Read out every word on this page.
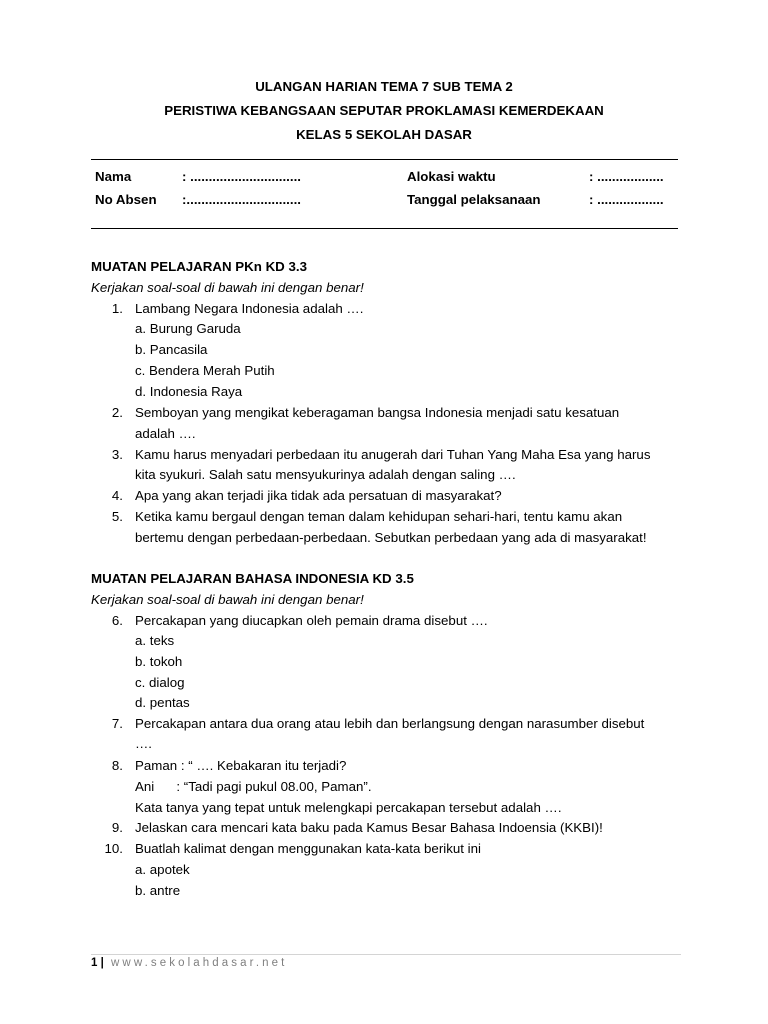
ULANGAN HARIAN TEMA 7 SUB TEMA 2
PERISTIWA KEBANGSAAN SEPUTAR PROKLAMASI KEMERDEKAAN
KELAS 5 SEKOLAH DASAR
Nama	: ..............................	Alokasi waktu	: ..................
No Absen :...............................	Tanggal pelaksanaan	: ..................
MUATAN PELAJARAN PKn KD 3.3
Kerjakan soal-soal di bawah ini dengan benar!
1. Lambang Negara Indonesia adalah ….
a. Burung Garuda
b. Pancasila
c. Bendera Merah Putih
d. Indonesia Raya
2. Semboyan yang mengikat keberagaman bangsa Indonesia menjadi satu kesatuan
adalah ….
3. Kamu harus menyadari perbedaan itu anugerah dari Tuhan Yang Maha Esa yang harus
kita syukuri. Salah satu mensyukurinya adalah dengan saling ….
4. Apa yang akan terjadi jika tidak ada persatuan di masyarakat?
5. Ketika kamu bergaul dengan teman dalam kehidupan sehari-hari, tentu kamu akan
bertemu dengan perbedaan-perbedaan. Sebutkan perbedaan yang ada di masyarakat!
MUATAN PELAJARAN BAHASA INDONESIA KD 3.5
Kerjakan soal-soal di bawah ini dengan benar!
6. Percakapan yang diucapkan oleh pemain drama disebut ….
a. teks
b. tokoh
c. dialog
d. pentas
7. Percakapan antara dua orang atau lebih dan berlangsung dengan narasumber disebut
….
8. Paman : “ …. Kebakaran itu terjadi?
Ani      : “Tadi pagi pukul 08.00, Paman”.
Kata tanya yang tepat untuk melengkapi percakapan tersebut adalah ….
9. Jelaskan cara mencari kata baku pada Kamus Besar Bahasa Indoensia (KKBI)!
10. Buatlah kalimat dengan menggunakan kata-kata berikut ini
a. apotek
b. antre
1 | www.sekolahdasar.net
